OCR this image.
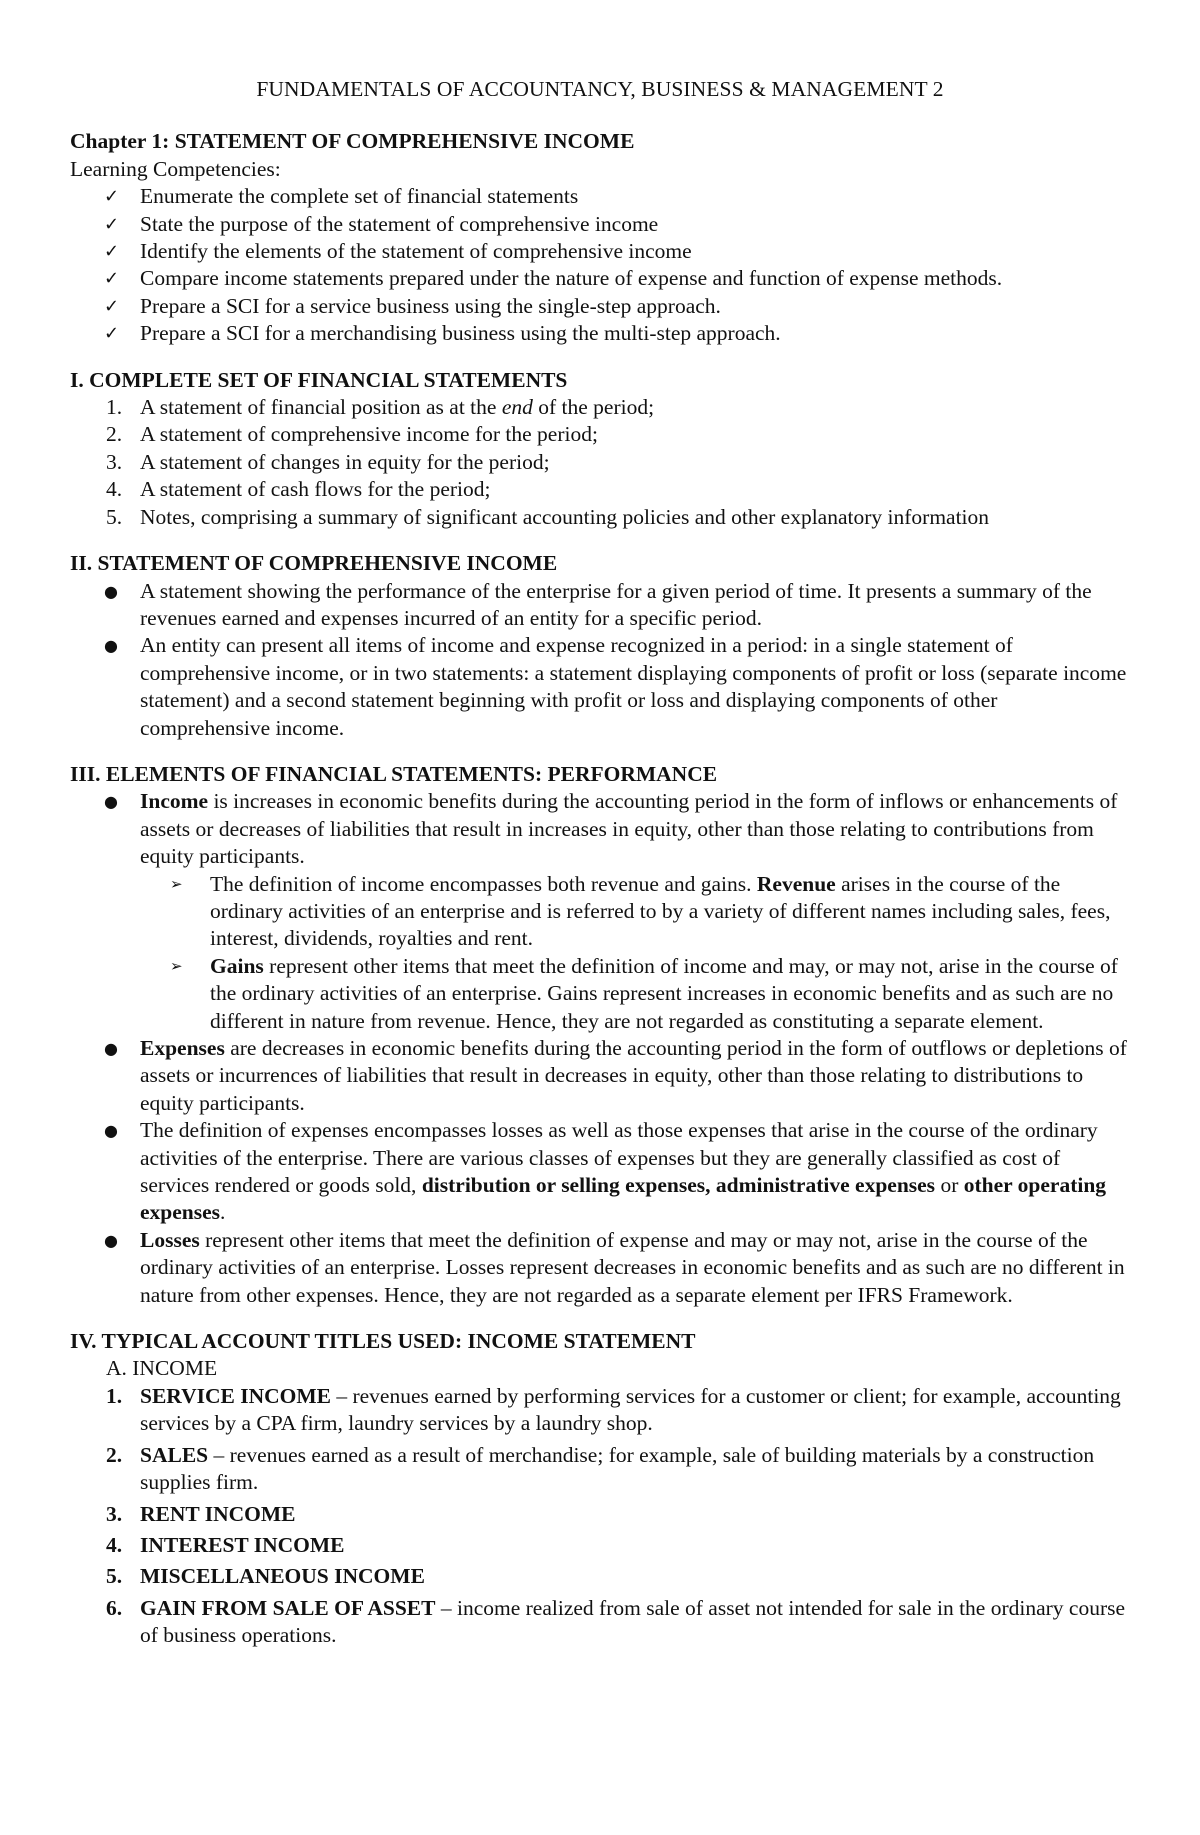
FUNDAMENTALS OF ACCOUNTANCY, BUSINESS & MANAGEMENT 2
Chapter 1: STATEMENT OF COMPREHENSIVE INCOME
Learning Competencies:
✓ Enumerate the complete set of financial statements
✓ State the purpose of the statement of comprehensive income
✓ Identify the elements of the statement of comprehensive income
✓ Compare income statements prepared under the nature of expense and function of expense methods.
✓ Prepare a SCI for a service business using the single-step approach.
✓ Prepare a SCI for a merchandising business using the multi-step approach.
I. COMPLETE SET OF FINANCIAL STATEMENTS
1. A statement of financial position as at the end of the period;
2. A statement of comprehensive income for the period;
3. A statement of changes in equity for the period;
4. A statement of cash flows for the period;
5. Notes, comprising a summary of significant accounting policies and other explanatory information
II. STATEMENT OF COMPREHENSIVE INCOME
● A statement showing the performance of the enterprise for a given period of time. It presents a summary of the revenues earned and expenses incurred of an entity for a specific period.
● An entity can present all items of income and expense recognized in a period: in a single statement of comprehensive income, or in two statements: a statement displaying components of profit or loss (separate income statement) and a second statement beginning with profit or loss and displaying components of other comprehensive income.
III. ELEMENTS OF FINANCIAL STATEMENTS: PERFORMANCE
● Income is increases in economic benefits during the accounting period in the form of inflows or enhancements of assets or decreases of liabilities that result in increases in equity, other than those relating to contributions from equity participants.
➢ The definition of income encompasses both revenue and gains. Revenue arises in the course of the ordinary activities of an enterprise and is referred to by a variety of different names including sales, fees, interest, dividends, royalties and rent.
➢ Gains represent other items that meet the definition of income and may, or may not, arise in the course of the ordinary activities of an enterprise. Gains represent increases in economic benefits and as such are no different in nature from revenue. Hence, they are not regarded as constituting a separate element.
● Expenses are decreases in economic benefits during the accounting period in the form of outflows or depletions of assets or incurrences of liabilities that result in decreases in equity, other than those relating to distributions to equity participants.
● The definition of expenses encompasses losses as well as those expenses that arise in the course of the ordinary activities of the enterprise. There are various classes of expenses but they are generally classified as cost of services rendered or goods sold, distribution or selling expenses, administrative expenses or other operating expenses.
● Losses represent other items that meet the definition of expense and may or may not, arise in the course of the ordinary activities of an enterprise. Losses represent decreases in economic benefits and as such are no different in nature from other expenses. Hence, they are not regarded as a separate element per IFRS Framework.
IV. TYPICAL ACCOUNT TITLES USED: INCOME STATEMENT
A. INCOME
1. SERVICE INCOME – revenues earned by performing services for a customer or client; for example, accounting services by a CPA firm, laundry services by a laundry shop.
2. SALES – revenues earned as a result of merchandise; for example, sale of building materials by a construction supplies firm.
3. RENT INCOME
4. INTEREST INCOME
5. MISCELLANEOUS INCOME
6. GAIN FROM SALE OF ASSET – income realized from sale of asset not intended for sale in the ordinary course of business operations.
